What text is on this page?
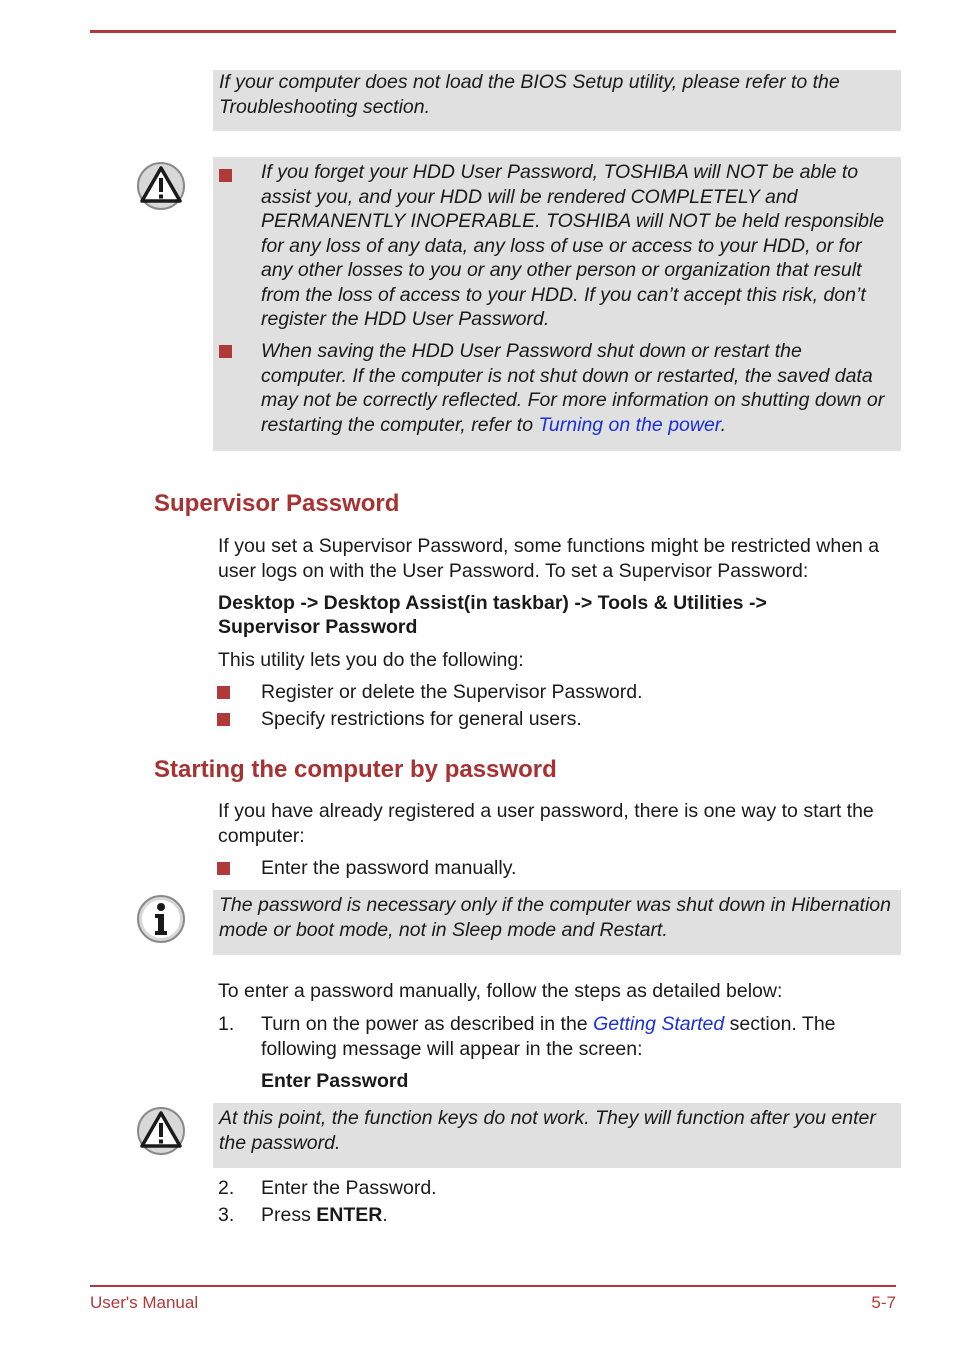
If your computer does not load the BIOS Setup utility, please refer to the Troubleshooting section.
If you forget your HDD User Password, TOSHIBA will NOT be able to assist you, and your HDD will be rendered COMPLETELY and PERMANENTLY INOPERABLE. TOSHIBA will NOT be held responsible for any loss of any data, any loss of use or access to your HDD, or for any other losses to you or any other person or organization that result from the loss of access to your HDD. If you can’t accept this risk, don’t register the HDD User Password.
When saving the HDD User Password shut down or restart the computer. If the computer is not shut down or restarted, the saved data may not be correctly reflected. For more information on shutting down or restarting the computer, refer to Turning on the power.
Supervisor Password
If you set a Supervisor Password, some functions might be restricted when a user logs on with the User Password. To set a Supervisor Password:
Desktop -> Desktop Assist(in taskbar) -> Tools & Utilities ->
Supervisor Password
This utility lets you do the following:
Register or delete the Supervisor Password.
Specify restrictions for general users.
Starting the computer by password
If you have already registered a user password, there is one way to start the computer:
Enter the password manually.
The password is necessary only if the computer was shut down in Hibernation mode or boot mode, not in Sleep mode and Restart.
To enter a password manually, follow the steps as detailed below:
1. Turn on the power as described in the Getting Started section. The following message will appear in the screen:
Enter Password
At this point, the function keys do not work. They will function after you enter the password.
2. Enter the Password.
3. Press ENTER.
User's Manual	5-7
